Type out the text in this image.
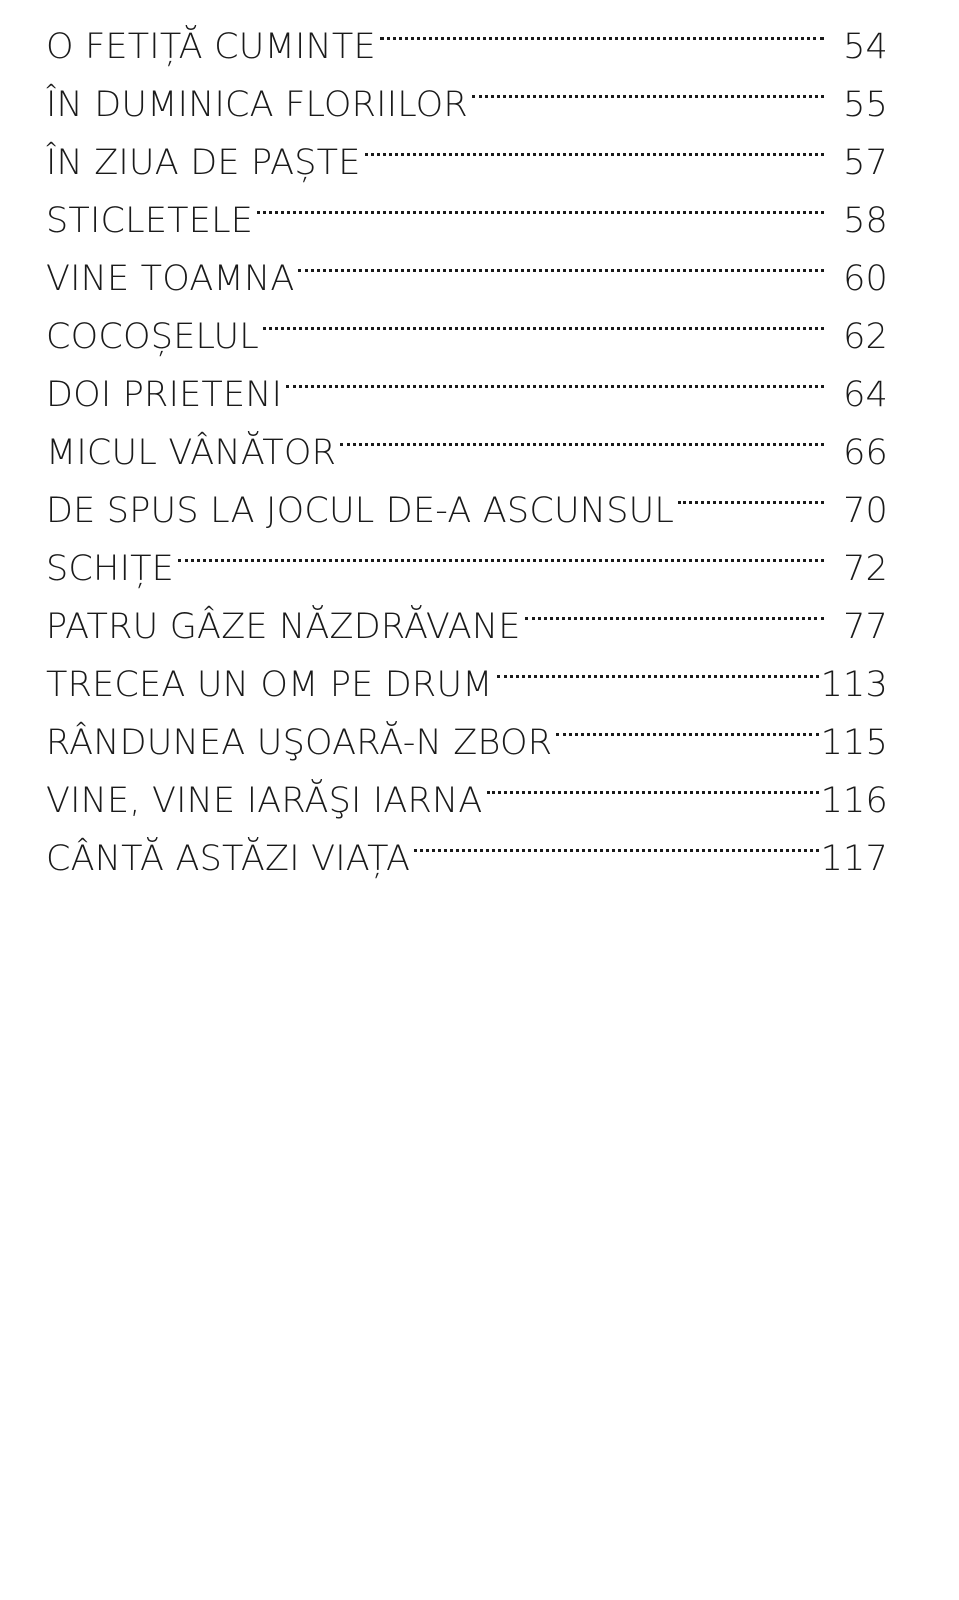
O FETIȚĂ CUMINTE	54
ÎN DUMINICA FLORIILOR	55
ÎN ZIUA DE PAȘTE	57
STICLETELE	58
VINE TOAMNA	60
COCOȘELUL	62
DOI PRIETENI	64
MICUL VÂNĂTOR	66
DE SPUS LA JOCUL DE-A ASCUNSUL	70
SCHIȚE	72
PATRU GÂZE NĂZDRĂVANE	77
TRECEA UN OM PE DRUM	113
RÂNDUNEA UŞOARĂ-N ZBOR	115
VINE, VINE IARĂŞI IARNA	116
CÂNTĂ ASTĂZI VIAȚA	117
